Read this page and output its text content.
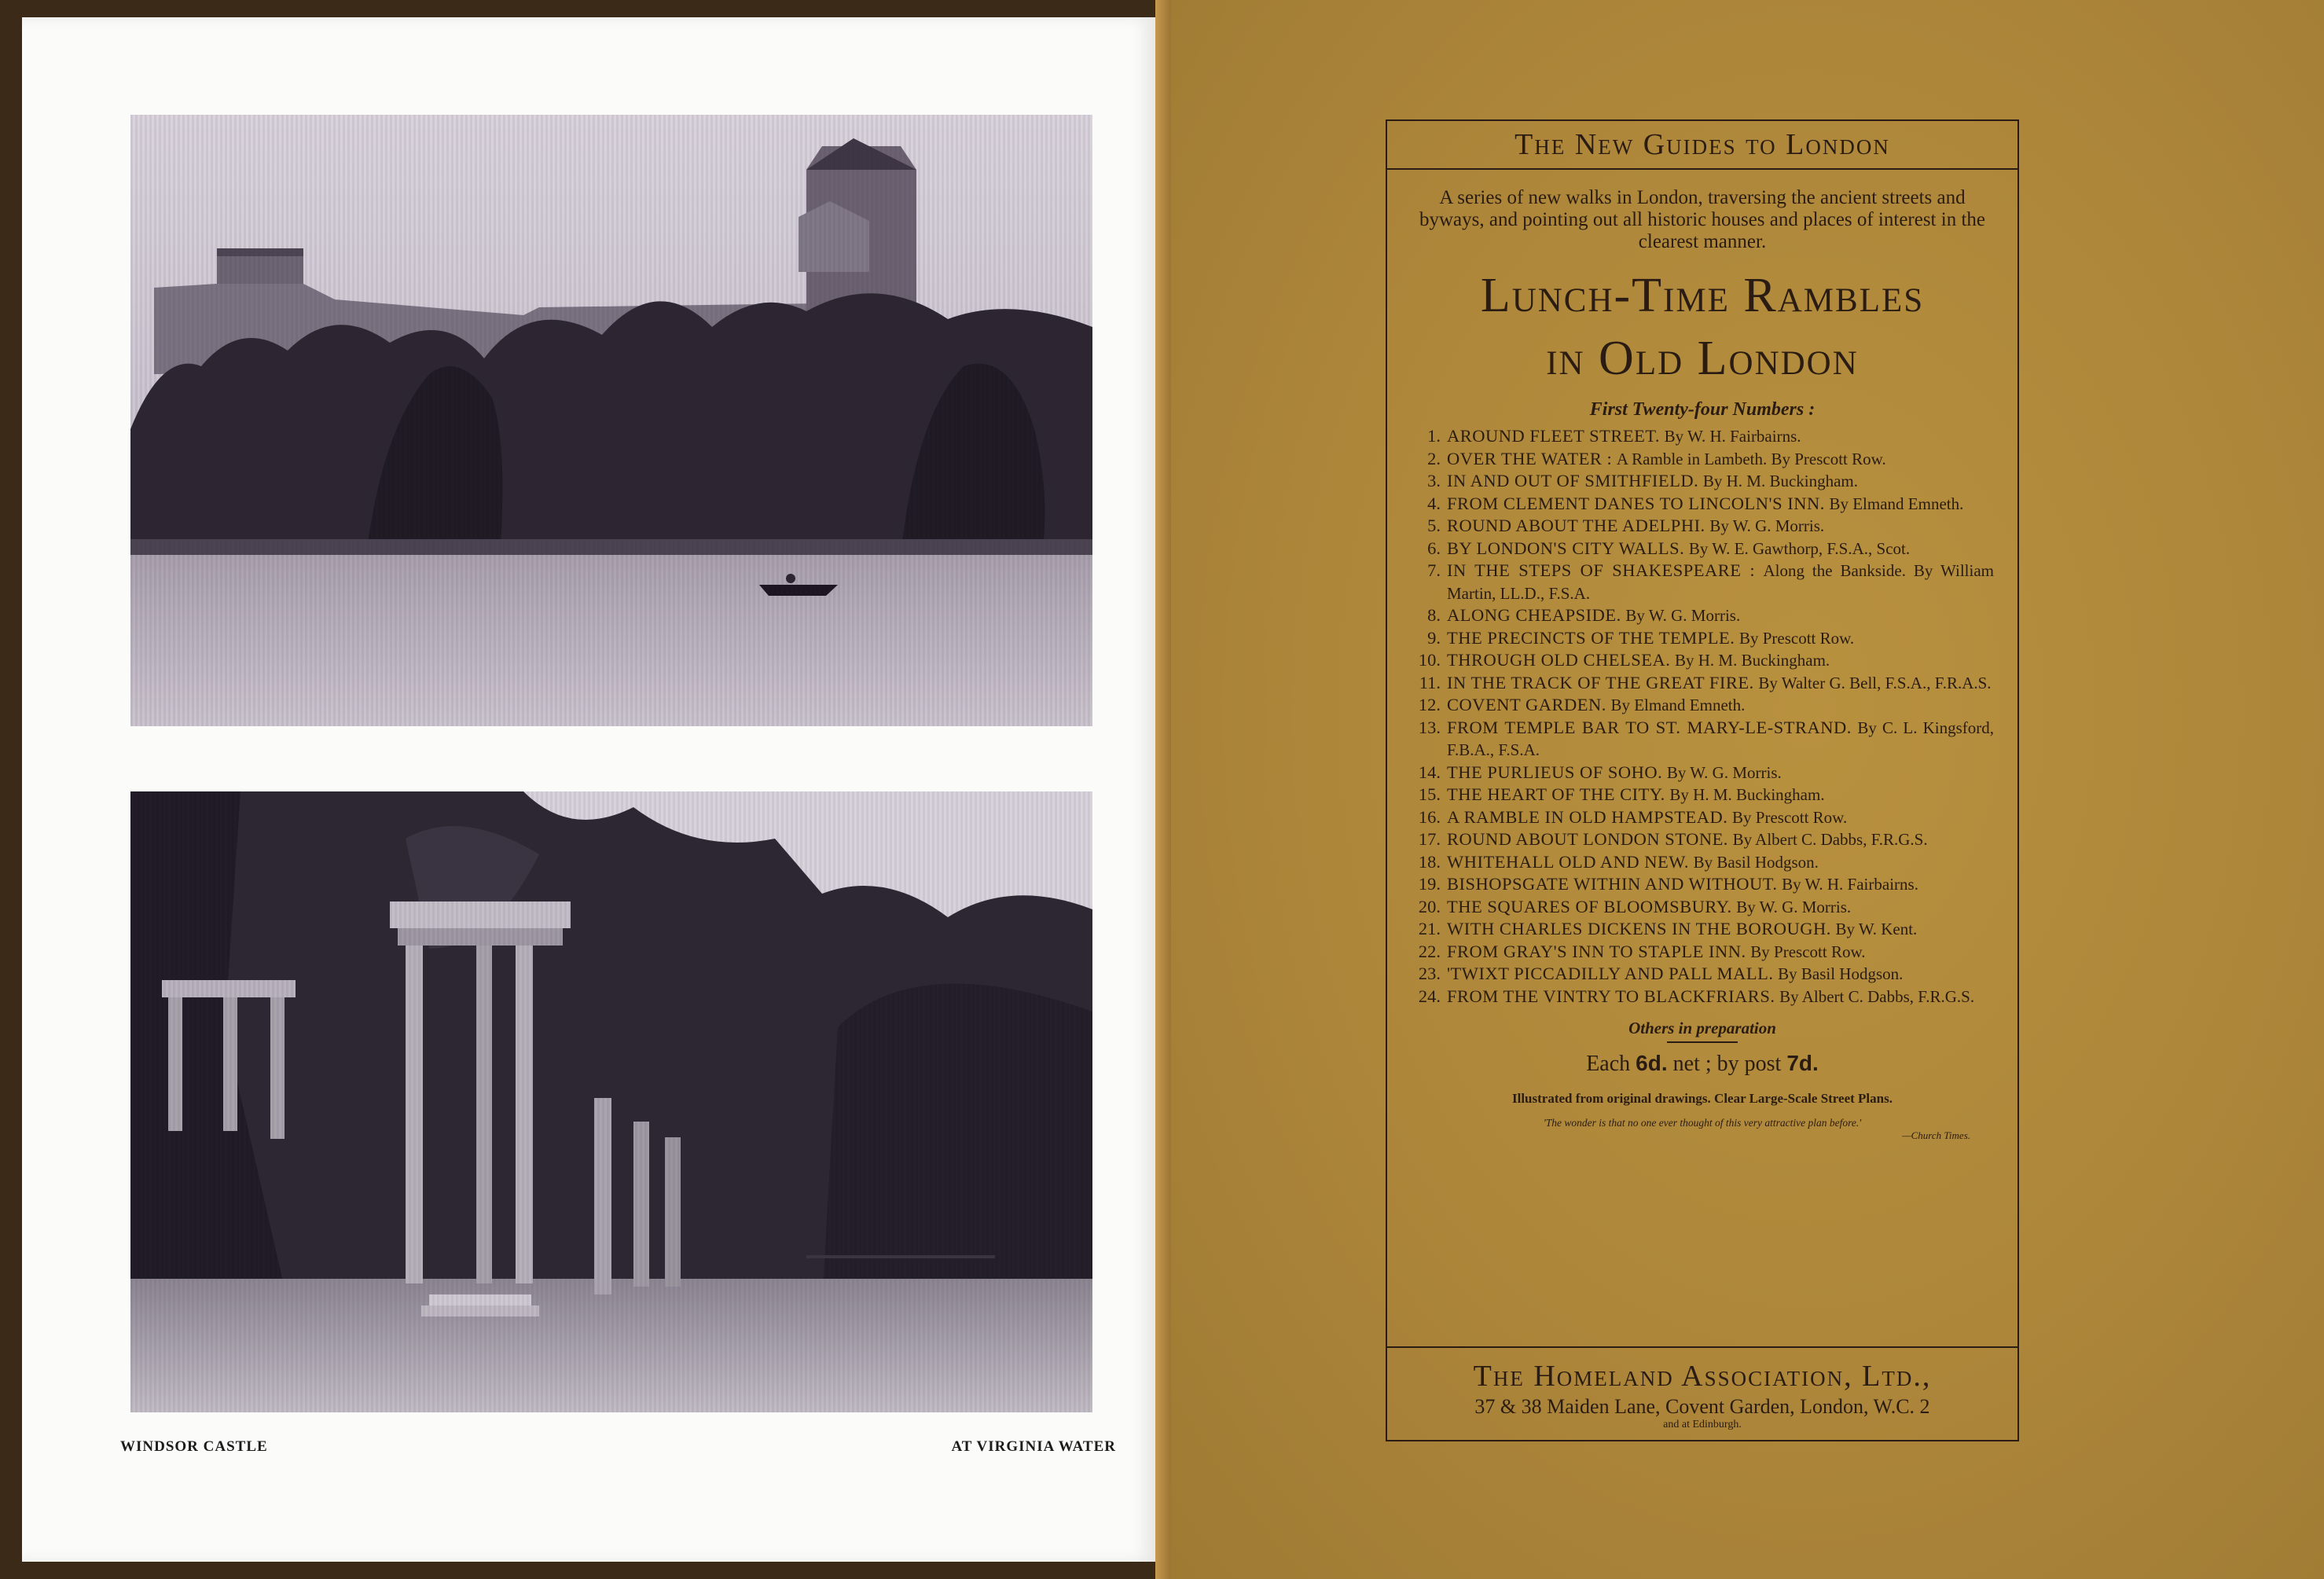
WINDSOR CASTLE	AT VIRGINIA WATER
The New Guides to London
A series of new walks in London, traversing the ancient streets and byways, and pointing out all historic houses and places of interest in the clearest manner.
Lunch-Time Rambles
in Old London
First Twenty-four Numbers :
1. AROUND FLEET STREET. By W. H. Fairbairns.
2. OVER THE WATER : A Ramble in Lambeth. By Prescott Row.
3. IN AND OUT OF SMITHFIELD. By H. M. Buckingham.
4. FROM CLEMENT DANES TO LINCOLN'S INN. By Elmand Emneth.
5. ROUND ABOUT THE ADELPHI. By W. G. Morris.
6. BY LONDON'S CITY WALLS. By W. E. Gawthorp, F.S.A., Scot.
7. IN THE STEPS OF SHAKESPEARE : Along the Bankside. By William Martin, LL.D., F.S.A.
8. ALONG CHEAPSIDE. By W. G. Morris.
9. THE PRECINCTS OF THE TEMPLE. By Prescott Row.
10. THROUGH OLD CHELSEA. By H. M. Buckingham.
11. IN THE TRACK OF THE GREAT FIRE. By Walter G. Bell, F.S.A., F.R.A.S.
12. COVENT GARDEN. By Elmand Emneth.
13. FROM TEMPLE BAR TO ST. MARY-LE-STRAND. By C. L. Kingsford, F.B.A., F.S.A.
14. THE PURLIEUS OF SOHO. By W. G. Morris.
15. THE HEART OF THE CITY. By H. M. Buckingham.
16. A RAMBLE IN OLD HAMPSTEAD. By Prescott Row.
17. ROUND ABOUT LONDON STONE. By Albert C. Dabbs, F.R.G.S.
18. WHITEHALL OLD AND NEW. By Basil Hodgson.
19. BISHOPSGATE WITHIN AND WITHOUT. By W. H. Fairbairns.
20. THE SQUARES OF BLOOMSBURY. By W. G. Morris.
21. WITH CHARLES DICKENS IN THE BOROUGH. By W. Kent.
22. FROM GRAY'S INN TO STAPLE INN. By Prescott Row.
23. 'TWIXT PICCADILLY AND PALL MALL. By Basil Hodgson.
24. FROM THE VINTRY TO BLACKFRIARS. By Albert C. Dabbs, F.R.G.S.
Others in preparation
Each 6d. net ; by post 7d.
Illustrated from original drawings. Clear Large-Scale Street Plans.
'The wonder is that no one ever thought of this very attractive plan before.'
—Church Times.
The Homeland Association, Ltd.,
37 & 38 Maiden Lane, Covent Garden, London, W.C. 2
and at Edinburgh.
